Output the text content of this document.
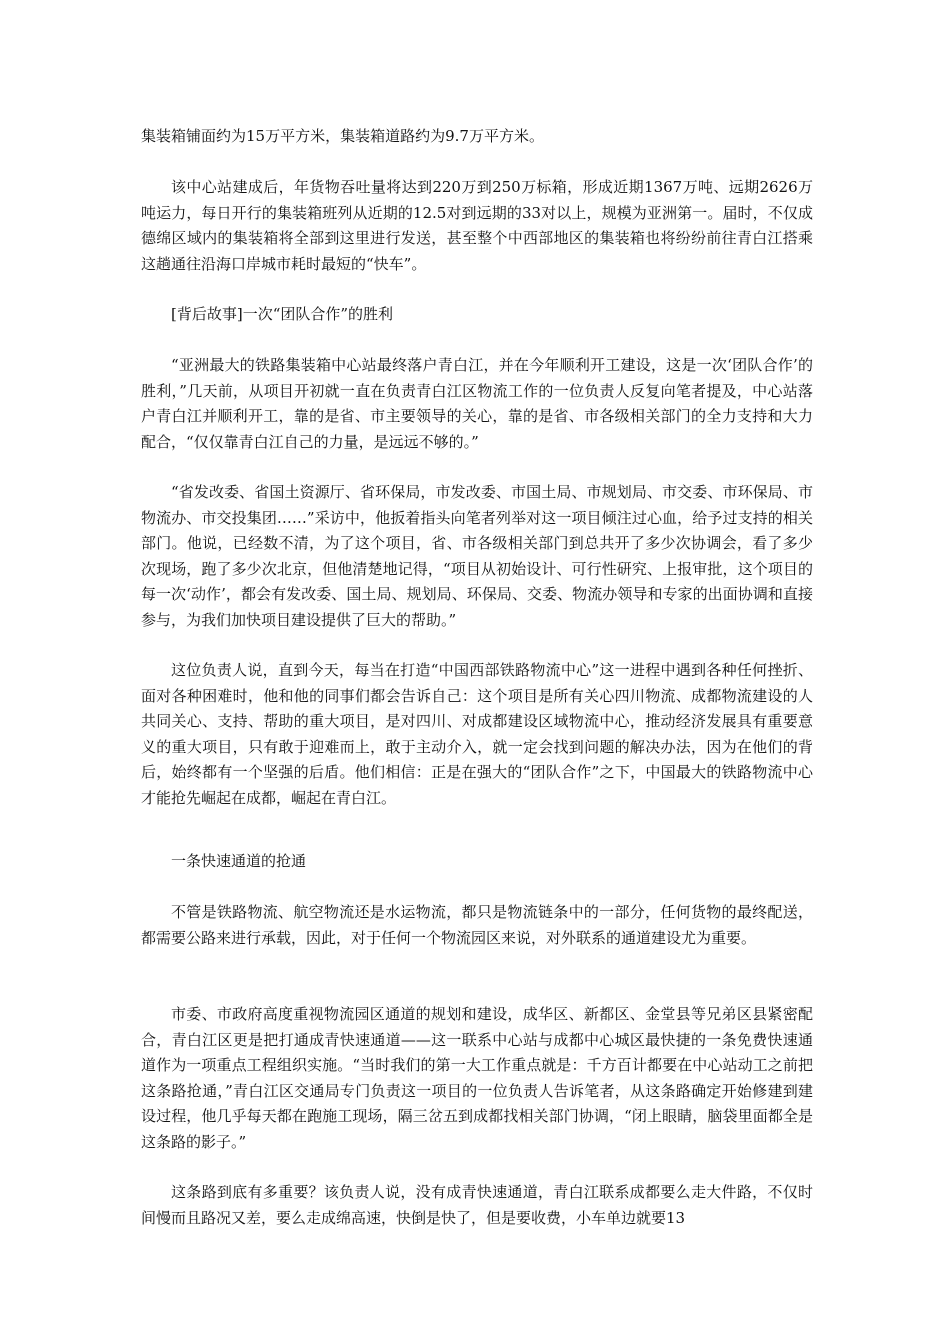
集装箱铺面约为15万平方米，集装箱道路约为9.7万平方米。

该中心站建成后，年货物吞吐量将达到220万到250万标箱，形成近期1367万吨、远期2626万吨运力，每日开行的集装箱班列从近期的12.5对到远期的33对以上，规模为亚洲第一。届时，不仅成德绵区域内的集装箱将全部到这里进行发送，甚至整个中西部地区的集装箱也将纷纷前往青白江搭乘这趟通往沿海口岸城市耗时最短的“快车”。

[背后故事]一次“团队合作”的胜利

“亚洲最大的铁路集装箱中心站最终落户青白江，并在今年顺利开工建设，这是一次‘团队合作’的胜利，”几天前，从项目开初就一直在负责青白江区物流工作的一位负责人反复向笔者提及，中心站落户青白江并顺利开工，靠的是省、市主要领导的关心，靠的是省、市各级相关部门的全力支持和大力配合，“仅仅靠青白江自己的力量，是远远不够的。”

“省发改委、省国土资源厅、省环保局，市发改委、市国土局、市规划局、市交委、市环保局、市物流办、市交投集团……”采访中，他扳着指头向笔者列举对这一项目倾注过心血，给予过支持的相关部门。他说，已经数不清，为了这个项目，省、市各级相关部门到总共开了多少次协调会，看了多少次现场，跑了多少次北京，但他清楚地记得，“项目从初始设计、可行性研究、上报审批，这个项目的每一次‘动作’，都会有发改委、国土局、规划局、环保局、交委、物流办领导和专家的出面协调和直接参与，为我们加快项目建设提供了巨大的帮助。”

这位负责人说，直到今天，每当在打造“中国西部铁路物流中心”这一进程中遇到各种任何挫折、面对各种困难时，他和他的同事们都会告诉自己：这个项目是所有关心四川物流、成都物流建设的人共同关心、支持、帮助的重大项目，是对四川、对成都建设区域物流中心，推动经济发展具有重要意义的重大项目，只有敢于迎难而上，敢于主动介入，就一定会找到问题的解决办法，因为在他们的背后，始终都有一个坚强的后盾。他们相信：正是在强大的“团队合作”之下，中国最大的铁路物流中心才能抢先崛起在成都，崛起在青白江。

一条快速通道的抢通

不管是铁路物流、航空物流还是水运物流，都只是物流链条中的一部分，任何货物的最终配送，都需要公路来进行承载，因此，对于任何一个物流园区来说，对外联系的通道建设尤为重要。

市委、市政府高度重视物流园区通道的规划和建设，成华区、新都区、金堂县等兄弟区县紧密配合，青白江区更是把打通成青快速通道——这一联系中心站与成都中心城区最快捷的一条免费快速通道作为一项重点工程组织实施。“当时我们的第一大工作重点就是：千方百计都要在中心站动工之前把这条路抢通，”青白江区交通局专门负责这一项目的一位负责人告诉笔者，从这条路确定开始修建到建设过程，他几乎每天都在跑施工现场，隔三岔五到成都找相关部门协调，“闭上眼睛，脑袋里面都全是这条路的影子。”

这条路到底有多重要？该负责人说，没有成青快速通道，青白江联系成都要么走大件路，不仅时间慢而且路况又差，要么走成绵高速，快倒是快了，但是要收费，小车单边就要13
